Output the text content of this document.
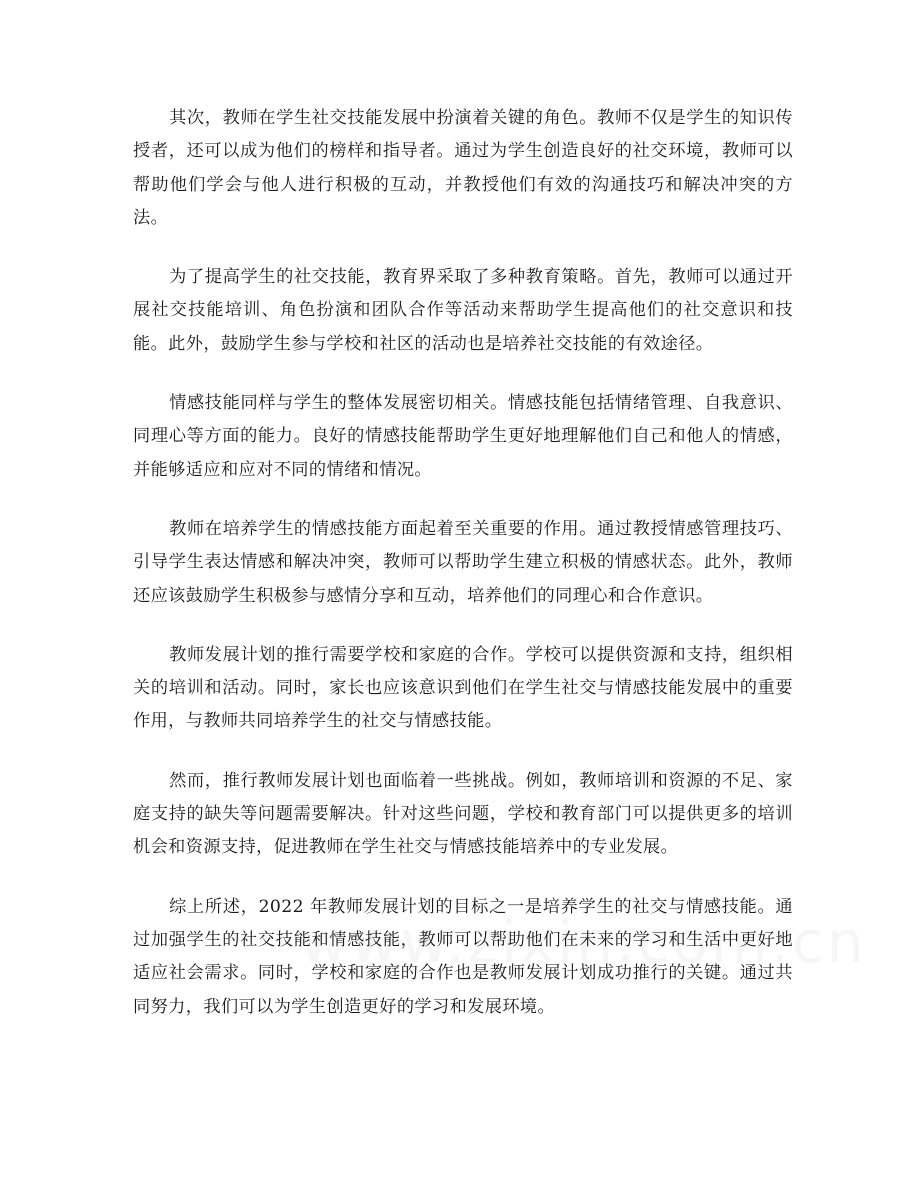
其次，教师在学生社交技能发展中扮演着关键的角色。教师不仅是学生的知识传授者，还可以成为他们的榜样和指导者。通过为学生创造良好的社交环境，教师可以帮助他们学会与他人进行积极的互动，并教授他们有效的沟通技巧和解决冲突的方法。

为了提高学生的社交技能，教育界采取了多种教育策略。首先，教师可以通过开展社交技能培训、角色扮演和团队合作等活动来帮助学生提高他们的社交意识和技能。此外，鼓励学生参与学校和社区的活动也是培养社交技能的有效途径。

情感技能同样与学生的整体发展密切相关。情感技能包括情绪管理、自我意识、同理心等方面的能力。良好的情感技能帮助学生更好地理解他们自己和他人的情感，并能够适应和应对不同的情绪和情况。

教师在培养学生的情感技能方面起着至关重要的作用。通过教授情感管理技巧、引导学生表达情感和解决冲突，教师可以帮助学生建立积极的情感状态。此外，教师还应该鼓励学生积极参与感情分享和互动，培养他们的同理心和合作意识。

教师发展计划的推行需要学校和家庭的合作。学校可以提供资源和支持，组织相关的培训和活动。同时，家长也应该意识到他们在学生社交与情感技能发展中的重要作用，与教师共同培养学生的社交与情感技能。

然而，推行教师发展计划也面临着一些挑战。例如，教师培训和资源的不足、家庭支持的缺失等问题需要解决。针对这些问题，学校和教育部门可以提供更多的培训机会和资源支持，促进教师在学生社交与情感技能培养中的专业发展。

综上所述，2022 年教师发展计划的目标之一是培养学生的社交与情感技能。通过加强学生的社交技能和情感技能，教师可以帮助他们在未来的学习和生活中更好地适应社会需求。同时，学校和家庭的合作也是教师发展计划成功推行的关键。通过共同努力，我们可以为学生创造更好的学习和发展环境。
